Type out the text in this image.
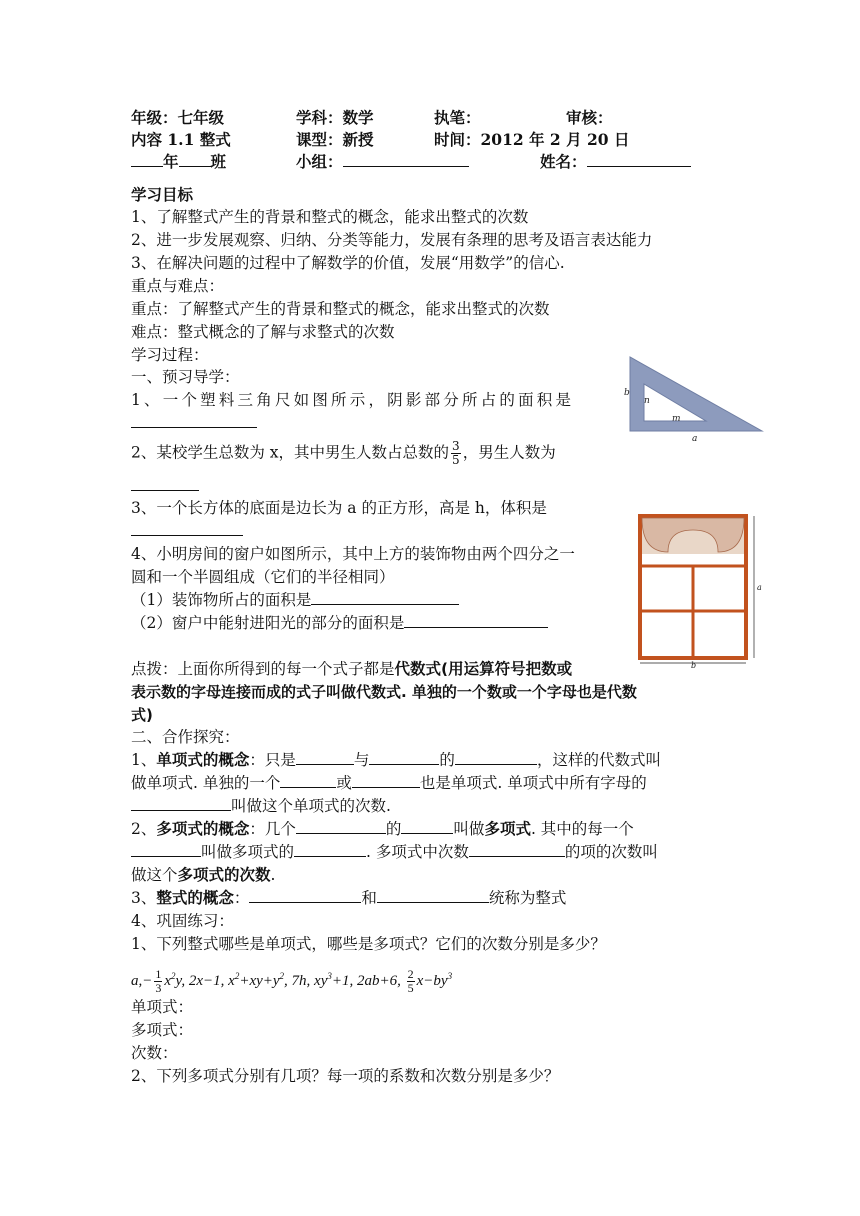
年级：七年级	学科：数学	执笔：	审核：
内容 1.1 整式	课型：新授	时间：2012 年 2 月 20 日
年 班	小组：	姓名：
学习目标
1、了解整式产生的背景和整式的概念，能求出整式的次数
2、进一步发展观察、归纳、分类等能力，发展有条理的思考及语言表达能力
3、在解决问题的过程中了解数学的价值，发展“用数学”的信心.
重点与难点：
重点：了解整式产生的背景和整式的概念，能求出整式的次数
难点：整式概念的了解与求整式的次数
学习过程：
一、预习导学：
1、一个塑料三角尺如图所示，阴影部分所占的面积是	b
n
m
a
2、某校学生总数为 x，其中男生人数占总数的 $\frac{3}{5}$ ，男生人数为
3、一个长方体的底面是边长为 a 的正方形，高是 h，体积是
4、小明房间的窗户如图所示，其中上方的装饰物由两个四分之一
圆和一个半圆组成（它们的半径相同）
（1）装饰物所占的面积是
（2）窗户中能射进阳光的部分的面积是
a
b
点拨：上面你所得到的每一个式子都是代数式(用运算符号把数或
表示数的字母连接而成的式子叫做代数式. 单独的一个数或一个字母也是代数
式)
二、合作探究：
1、单项式的概念：只是	与	的	，这样的代数式叫
做单项式. 单独的一个	或	也是单项式. 单项式中所有字母的
叫做这个单项式的次数.
2、多项式的概念：几个	的	叫做多项式. 其中的每一个
叫做多项式的	. 多项式中次数	的项的次数叫
做这个多项式的次数.
3、整式的概念：	和	统称为整式
4、巩固练习：
1、下列整式哪些是单项式，哪些是多项式？它们的次数分别是多少？
$a,- \frac{1}{3} x^2y$, 2x−1, $x^2+xy+y^2$, 7h, $xy^3+1$, 2ab+6, $\frac{2}{5} x-by^3$
单项式：
多项式：
次数：
2、下列多项式分别有几项？每一项的系数和次数分别是多少？
